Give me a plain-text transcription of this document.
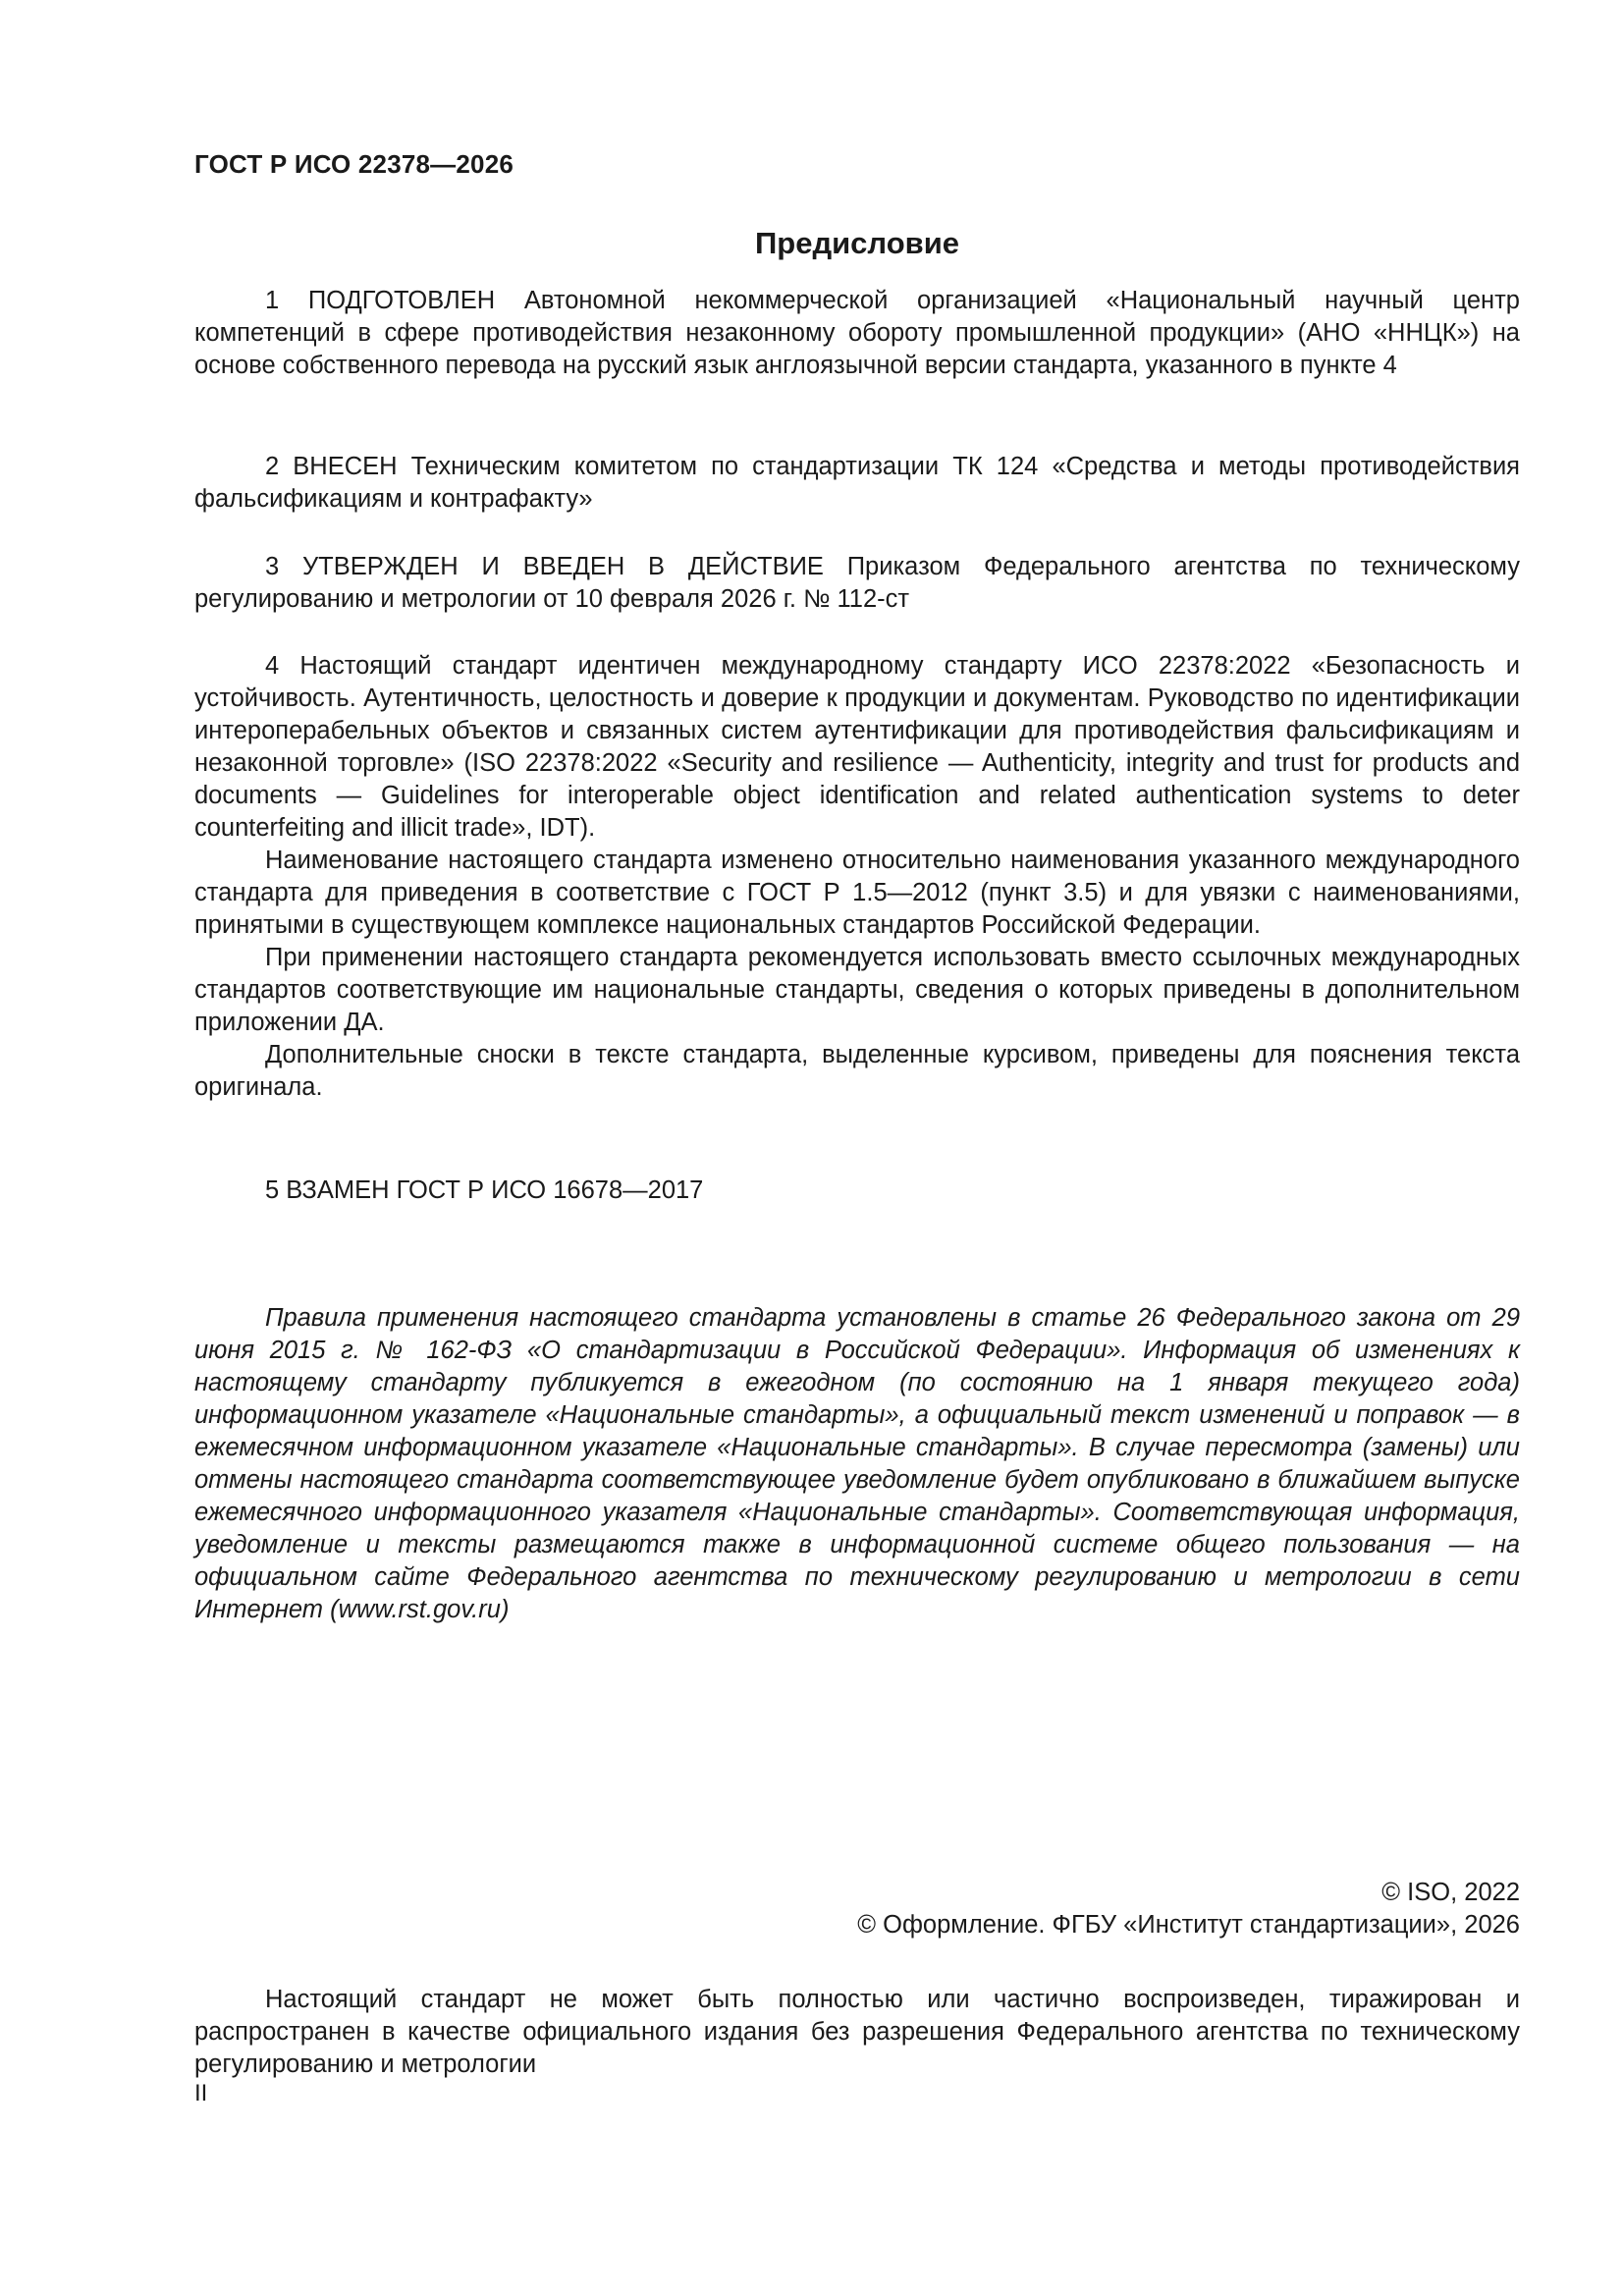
ГОСТ Р ИСО 22378—2026
Предисловие

1 ПОДГОТОВЛЕН Автономной некоммерческой организацией «Национальный научный центр компетенций в сфере противодействия незаконному обороту промышленной продукции» (АНО «ННЦК») на основе собственного перевода на русский язык англоязычной версии стандарта, указанного в пункте 4

2 ВНЕСЕН Техническим комитетом по стандартизации ТК 124 «Средства и методы противодействия фальсификациям и контрафакту»

3 УТВЕРЖДЕН И ВВЕДЕН В ДЕЙСТВИЕ Приказом Федерального агентства по техническому регулированию и метрологии от 10 февраля 2026 г. № 112-ст

4 Настоящий стандарт идентичен международному стандарту ИСО 22378:2022 «Безопасность и устойчивость. Аутентичность, целостность и доверие к продукции и документам. Руководство по идентификации интероперабельных объектов и связанных систем аутентификации для противодействия фальсификациям и незаконной торговле» (ISO 22378:2022 «Security and resilience — Authenticity, integrity and trust for products and documents — Guidelines for interoperable object identification and related authentication systems to deter counterfeiting and illicit trade», IDT).

Наименование настоящего стандарта изменено относительно наименования указанного международного стандарта для приведения в соответствие с ГОСТ Р 1.5—2012 (пункт 3.5) и для увязки с наименованиями, принятыми в существующем комплексе национальных стандартов Российской Федерации.

При применении настоящего стандарта рекомендуется использовать вместо ссылочных международных стандартов соответствующие им национальные стандарты, сведения о которых приведены в дополнительном приложении ДА.

Дополнительные сноски в тексте стандарта, выделенные курсивом, приведены для пояснения текста оригинала.

5 ВЗАМЕН ГОСТ Р ИСО 16678—2017

Правила применения настоящего стандарта установлены в статье 26 Федерального закона от 29 июня 2015 г. № 162-ФЗ «О стандартизации в Российской Федерации». Информация об изменениях к настоящему стандарту публикуется в ежегодном (по состоянию на 1 января текущего года) информационном указателе «Национальные стандарты», а официальный текст изменений и поправок — в ежемесячном информационном указателе «Национальные стандарты». В случае пересмотра (замены) или отмены настоящего стандарта соответствующее уведомление будет опубликовано в ближайшем выпуске ежемесячного информационного указателя «Национальные стандарты». Соответствующая информация, уведомление и тексты размещаются также в информационной системе общего пользования — на официальном сайте Федерального агентства по техническому регулированию и метрологии в сети Интернет (www.rst.gov.ru)

© ISO, 2022
© Оформление. ФГБУ «Институт стандартизации», 2026

Настоящий стандарт не может быть полностью или частично воспроизведен, тиражирован и распространен в качестве официального издания без разрешения Федерального агентства по техническому регулированию и метрологии

II
